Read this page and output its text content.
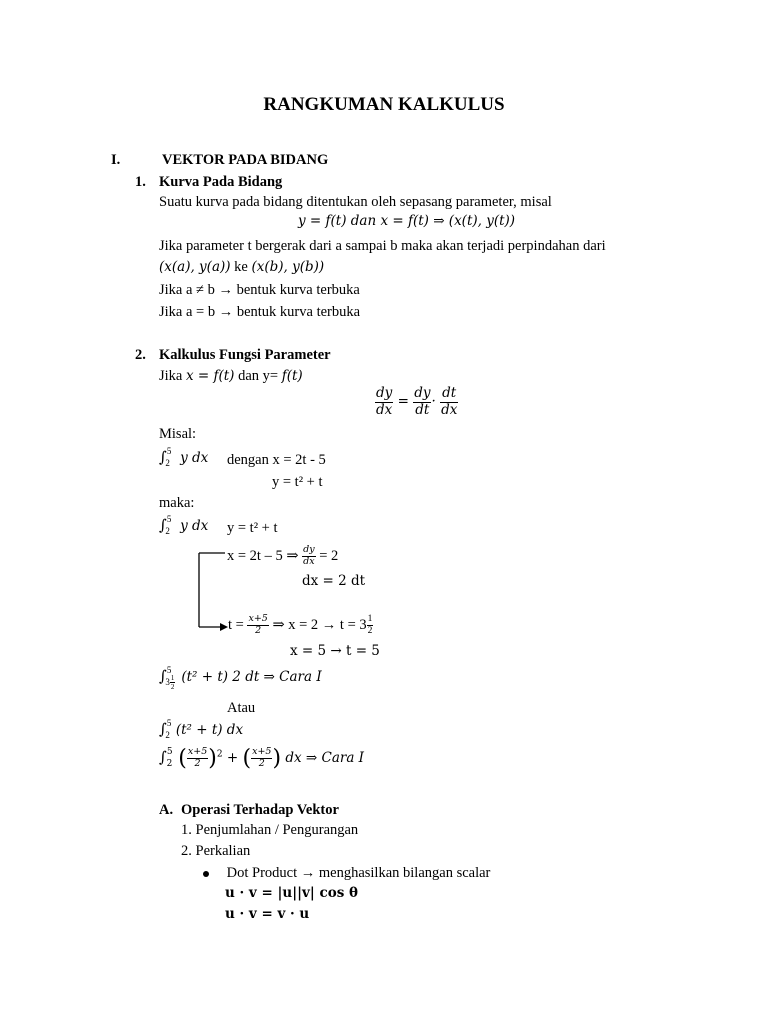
RANGKUMAN KALKULUS
I.	VEKTOR PADA BIDANG
1. Kurva Pada Bidang
Suatu kurva pada bidang ditentukan oleh sepasang parameter, misal
y = f(t) dan x = f(t) ⇒ (x(t), y(t))
Jika parameter t bergerak dari a sampai b maka akan terjadi perpindahan dari
(x(a), y(a)) ke (x(b), y(b))
Jika a ≠ b → bentuk kurva terbuka
Jika a = b → bentuk kurva terbuka
2. Kalkulus Fungsi Parameter
Jika x = f(t) dan y= f(t)
$\frac{dy}{dx} = \frac{dy}{dt} \cdot \frac{dt}{dx}$
Misal:
∫$^5_2$ y dx dengan x = 2t - 5
y = t² + t
maka:
∫$^5_2$ y dx y = t² + t
x = 2t – 5 ⇒ $\frac{dy}{dx} = 2$
dx = 2 dt
$t = \frac{x+5}{2}$ ⇒ $x = 2 \to t = 3 \frac{1}{2}$
x = 5 → t = 5
∫$^5_{3 \frac{1}{2}}$ (t² + t) 2 dt ⇒ Cara I
Atau
∫$^5_2$ (t² + t) dx
∫$^5_2$ ( $\frac{x+5}{2} )^2$ + ( $\frac{x+5}{2}$ ) dx ⇒ Cara I
A. Operasi Terhadap Vektor
1. Penjumlahan / Pengurangan
2. Perkalian
Dot Product → menghasilkan bilangan scalar
u · v = |u||v| cos θ
u · v = v · u
